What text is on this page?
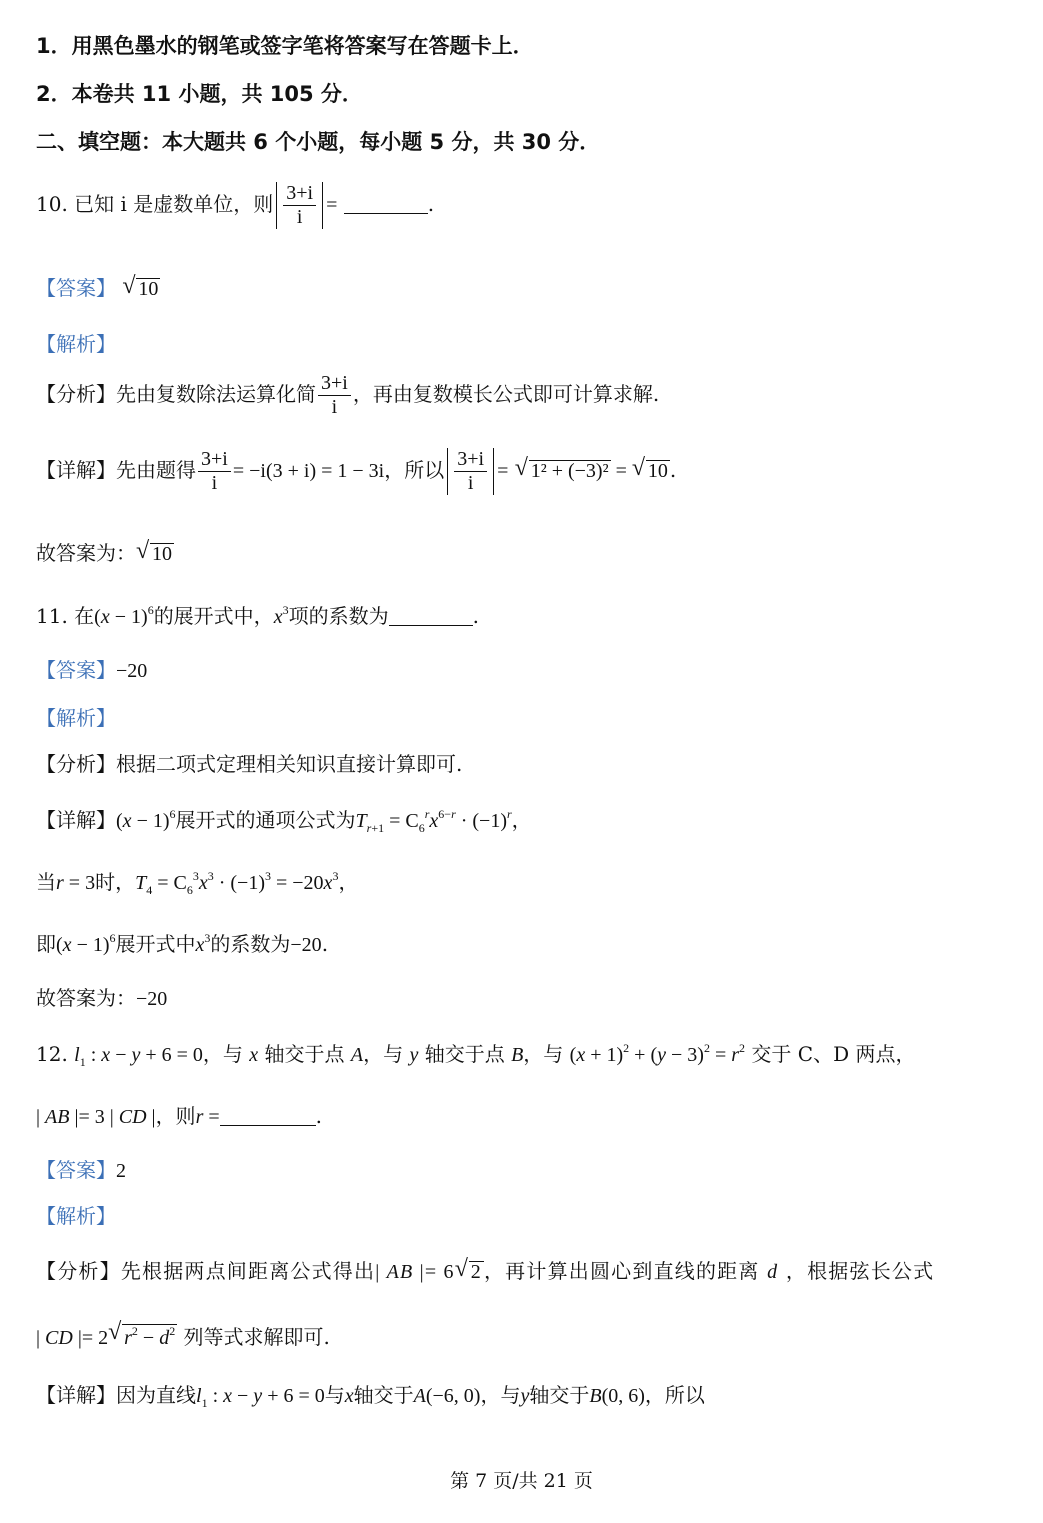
1．用黑色墨水的钢笔或签字笔将答案写在答题卡上．
2．本卷共 11 小题，共 105 分．
二、填空题：本大题共 6 个小题，每小题 5 分，共 30 分．
10. 已知 i 是虚数单位，则 $\frac{3+i}{i}$ =	.
【答案】 √ 10
【解析】
【分析】先由复数除法运算化简 $\frac{3+i}{i}$ ，再由复数模长公式即可计算求解.
【详解】先由题得 $\frac{3+i}{i} = -i(3 + i) = 1 - 3i$，所以 $\frac{3+i}{i}$ = √ 1² + (−3)² = √ 10 .
故答案为： √ 10
11. 在$(x - 1)^6$的展开式中，$x^3$项的系数为	.
【答案】−20
【解析】
【分析】根据二项式定理相关知识直接计算即可.
【详解】$(x - 1)^6$展开式的通项公式为$T_{r+1} = C_6^rx^{6-r} \cdot (-1)^r$，
当r = 3时，$T_4 = C_6^3x^3 \cdot (-1)^3 = -20x^3$，
即$(x - 1)^6$展开式中$x^3$的系数为−20.
故答案为：−20
12. $l_1$ : x − y + 6 = 0，与 x 轴交于点 A，与 y 轴交于点 B，与 $(x + 1)^2 + (y - 3)^2 = r^2$ 交于 C、D 两点，
| AB |= 3 | CD |，则r =	.
【答案】2
【解析】
【分析】先根据两点间距离公式得出| AB |= 6 √ 2 ，再计算出圆心到直线的距离 d ，根据弦长公式
| CD |= 2 √ $r^2 - d^2$ 列等式求解即可.
【详解】因为直线$l_1$ : x − y + 6 = 0与x轴交于A(−6, 0)，与y轴交于B(0, 6)，所以
第 7 页/共 21 页
